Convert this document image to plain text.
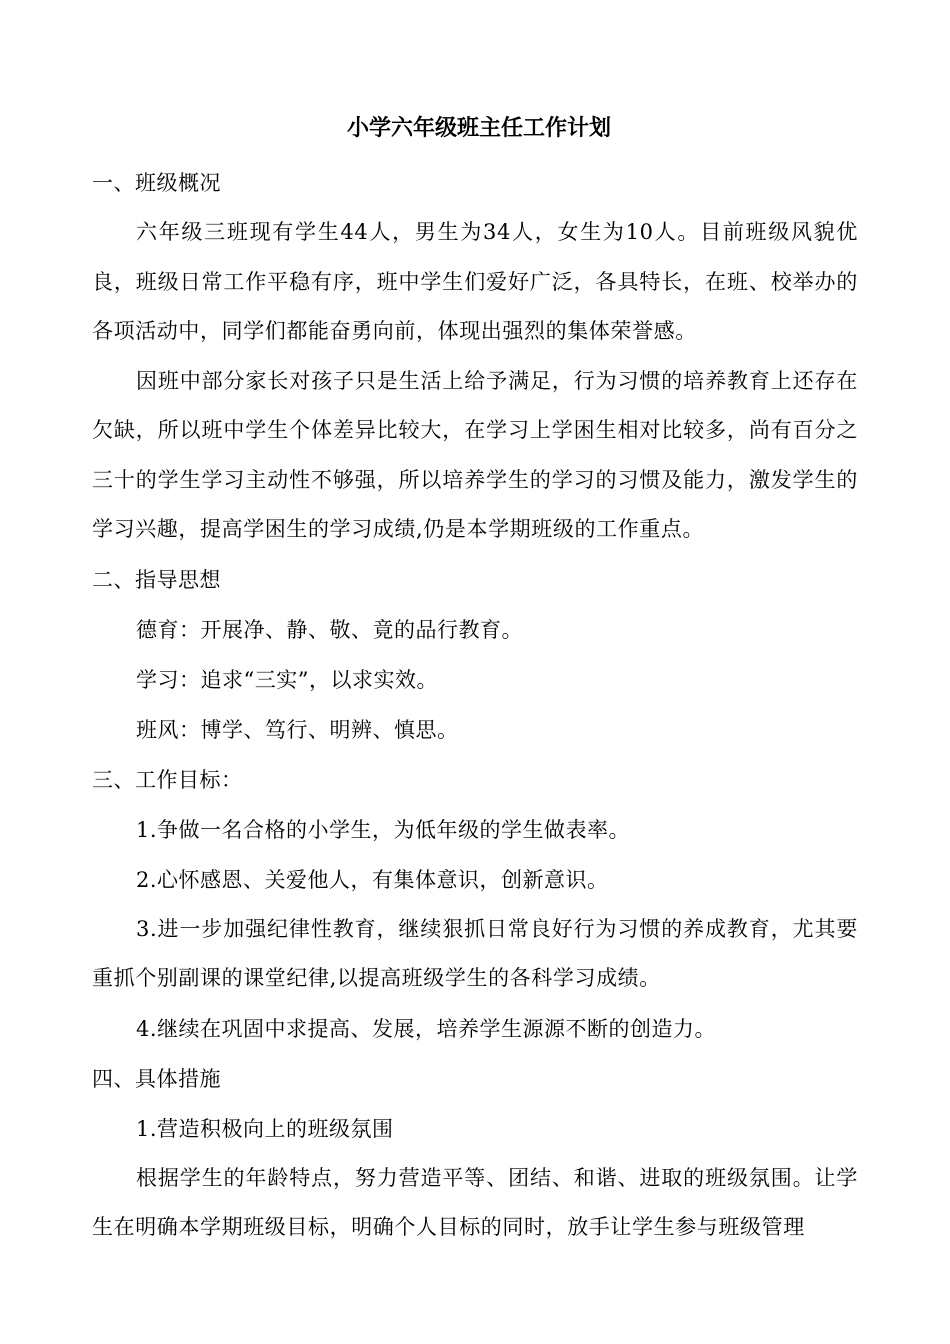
小学六年级班主任工作计划

一、班级概况

六年级三班现有学生44人，男生为34人，女生为10人。目前班级风貌优良，班级日常工作平稳有序，班中学生们爱好广泛，各具特长，在班、校举办的各项活动中，同学们都能奋勇向前，体现出强烈的集体荣誉感。

因班中部分家长对孩子只是生活上给予满足，行为习惯的培养教育上还存在欠缺，所以班中学生个体差异比较大，在学习上学困生相对比较多，尚有百分之三十的学生学习主动性不够强，所以培养学生的学习的习惯及能力，激发学生的学习兴趣，提高学困生的学习成绩,仍是本学期班级的工作重点。

二、指导思想

德育：开展净、静、敬、竟的品行教育。

学习：追求“三实”，以求实效。

班风：博学、笃行、明辨、慎思。

三、工作目标：

1.争做一名合格的小学生，为低年级的学生做表率。

2.心怀感恩、关爱他人，有集体意识，创新意识。

3.进一步加强纪律性教育，继续狠抓日常良好行为习惯的养成教育，尤其要重抓个别副课的课堂纪律,以提高班级学生的各科学习成绩。

4.继续在巩固中求提高、发展，培养学生源源不断的创造力。

四、具体措施

1.营造积极向上的班级氛围

根据学生的年龄特点，努力营造平等、团结、和谐、进取的班级氛围。让学生在明确本学期班级目标，明确个人目标的同时，放手让学生参与班级管理
